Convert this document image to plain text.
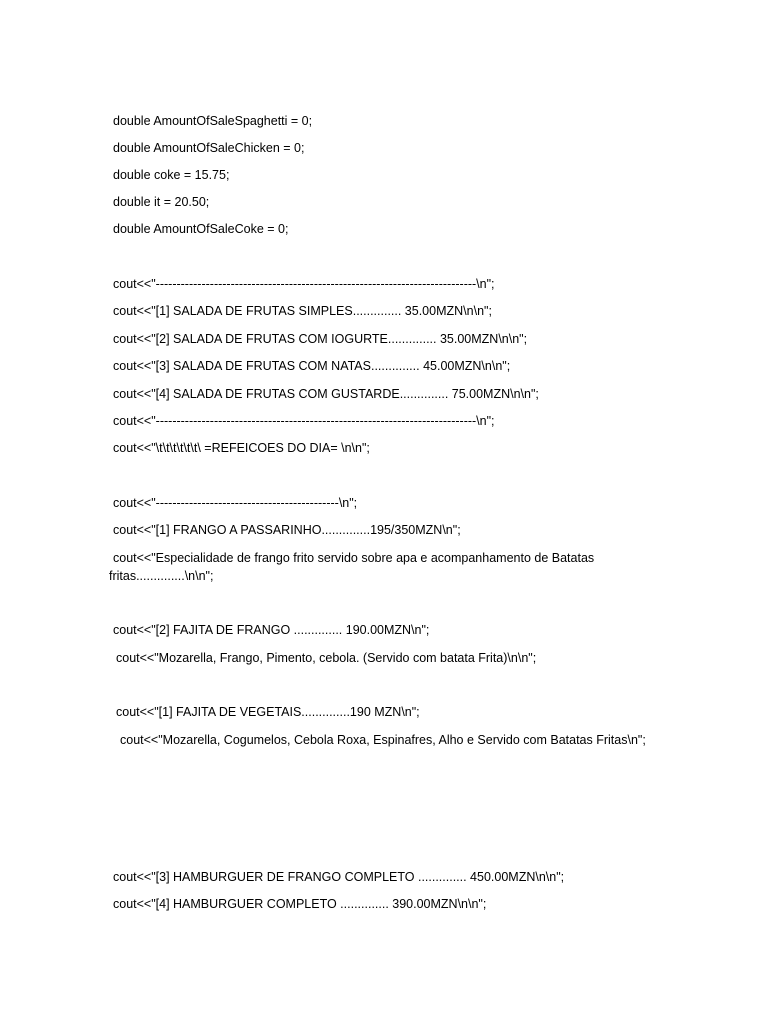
double AmountOfSaleSpaghetti = 0;
double AmountOfSaleChicken = 0;
double coke = 15.75;
double it = 20.50;
double AmountOfSaleCoke = 0;
cout<<"-----------------------------------------------------------------------------\n";
cout<<"[1] SALADA DE FRUTAS SIMPLES.............. 35.00MZN\n\n";
cout<<"[2] SALADA DE FRUTAS COM IOGURTE.............. 35.00MZN\n\n";
cout<<"[3] SALADA DE FRUTAS COM NATAS.............. 45.00MZN\n\n";
cout<<"[4] SALADA DE FRUTAS COM GUSTARDE.............. 75.00MZN\n\n";
cout<<"-----------------------------------------------------------------------------\n";
cout<<"\t\t\t\t\t\t\ =REFEICOES DO DIA= \n\n";
cout<<"--------------------------------------------\n";
cout<<"[1] FRANGO A PASSARINHO..............195/350MZN\n";
cout<<"Especialidade de frango frito servido sobre apa e acompanhamento de Batatas
fritas..............\n\n";
cout<<"[2] FAJITA DE FRANGO .............. 190.00MZN\n";
cout<<"Mozarella, Frango, Pimento, cebola. (Servido com batata Frita)\n\n";
cout<<"[1] FAJITA DE VEGETAIS..............190 MZN\n";
cout<<"Mozarella, Cogumelos, Cebola Roxa, Espinafres, Alho e Servido com Batatas Fritas\n";
cout<<"[3] HAMBURGUER DE FRANGO COMPLETO .............. 450.00MZN\n\n";
cout<<"[4] HAMBURGUER COMPLETO .............. 390.00MZN\n\n";
